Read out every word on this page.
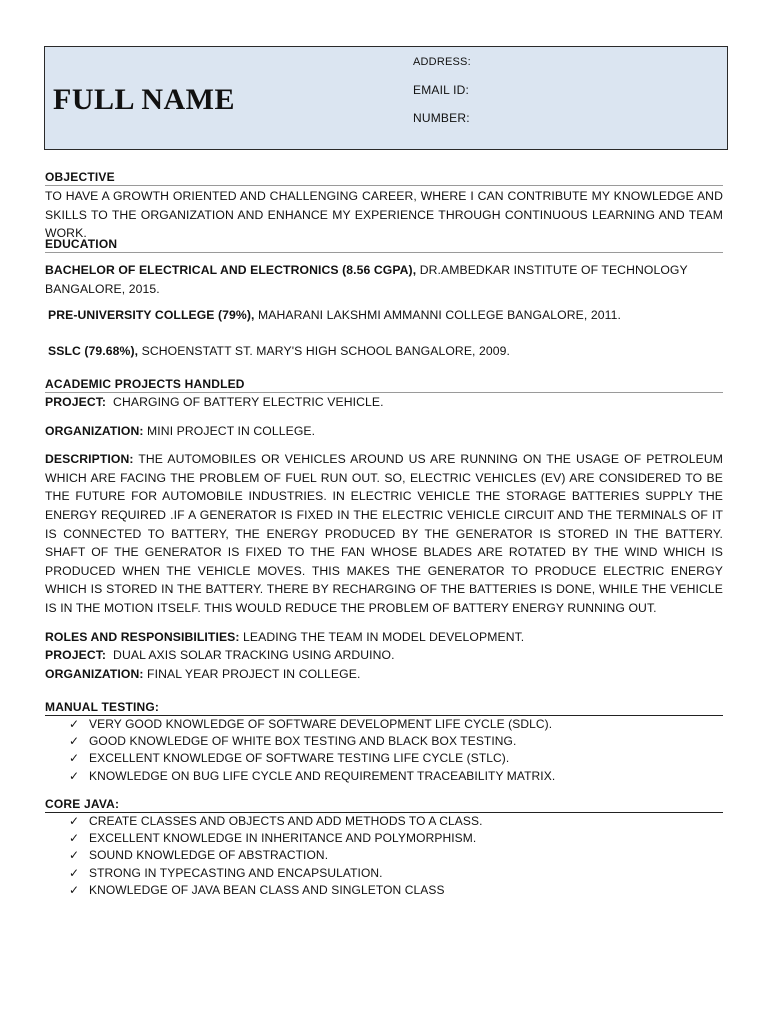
FULL NAME
ADDRESS:
EMAIL ID:
NUMBER:
OBJECTIVE
TO HAVE A GROWTH ORIENTED AND CHALLENGING CAREER, WHERE I CAN CONTRIBUTE MY KNOWLEDGE AND SKILLS TO THE ORGANIZATION AND ENHANCE MY EXPERIENCE THROUGH CONTINUOUS LEARNING AND TEAM WORK.
EDUCATION
BACHELOR OF ELECTRICAL AND ELECTRONICS (8.56 CGPA), DR.AMBEDKAR INSTITUTE OF TECHNOLOGY BANGALORE, 2015.
PRE-UNIVERSITY COLLEGE (79%), MAHARANI LAKSHMI AMMANNI COLLEGE BANGALORE, 2011.
SSLC (79.68%), SCHOENSTATT ST. MARY'S HIGH SCHOOL BANGALORE, 2009.
ACADEMIC PROJECTS HANDLED
PROJECT:  CHARGING OF BATTERY ELECTRIC VEHICLE.
ORGANIZATION: MINI PROJECT IN COLLEGE.
DESCRIPTION: THE AUTOMOBILES OR VEHICLES AROUND US ARE RUNNING ON THE USAGE OF PETROLEUM WHICH ARE FACING THE PROBLEM OF FUEL RUN OUT. SO, ELECTRIC VEHICLES (EV) ARE CONSIDERED TO BE THE FUTURE FOR AUTOMOBILE INDUSTRIES. IN ELECTRIC VEHICLE THE STORAGE BATTERIES SUPPLY THE ENERGY REQUIRED .IF A GENERATOR IS FIXED IN THE ELECTRIC VEHICLE CIRCUIT AND THE TERMINALS OF IT IS CONNECTED TO BATTERY, THE ENERGY PRODUCED BY THE GENERATOR IS STORED IN THE BATTERY. SHAFT OF THE GENERATOR IS FIXED TO THE FAN WHOSE BLADES ARE ROTATED BY THE WIND WHICH IS PRODUCED WHEN THE VEHICLE MOVES. THIS MAKES THE GENERATOR TO PRODUCE ELECTRIC ENERGY WHICH IS STORED IN THE BATTERY. THERE BY RECHARGING OF THE BATTERIES IS DONE, WHILE THE VEHICLE IS IN THE MOTION ITSELF. THIS WOULD REDUCE THE PROBLEM OF BATTERY ENERGY RUNNING OUT.
ROLES AND RESPONSIBILITIES: LEADING THE TEAM IN MODEL DEVELOPMENT.
PROJECT:  DUAL AXIS SOLAR TRACKING USING ARDUINO.
ORGANIZATION: FINAL YEAR PROJECT IN COLLEGE.
MANUAL TESTING:
✓ VERY GOOD KNOWLEDGE OF SOFTWARE DEVELOPMENT LIFE CYCLE (SDLC).
✓ GOOD KNOWLEDGE OF WHITE BOX TESTING AND BLACK BOX TESTING.
✓ EXCELLENT KNOWLEDGE OF SOFTWARE TESTING LIFE CYCLE (STLC).
✓ KNOWLEDGE ON BUG LIFE CYCLE AND REQUIREMENT TRACEABILITY MATRIX.
CORE JAVA:
✓ CREATE CLASSES AND OBJECTS AND ADD METHODS TO A CLASS.
✓ EXCELLENT KNOWLEDGE IN INHERITANCE AND POLYMORPHISM.
✓ SOUND KNOWLEDGE OF ABSTRACTION.
✓ STRONG IN TYPECASTING AND ENCAPSULATION.
✓ KNOWLEDGE OF JAVA BEAN CLASS AND SINGLETON CLASS
